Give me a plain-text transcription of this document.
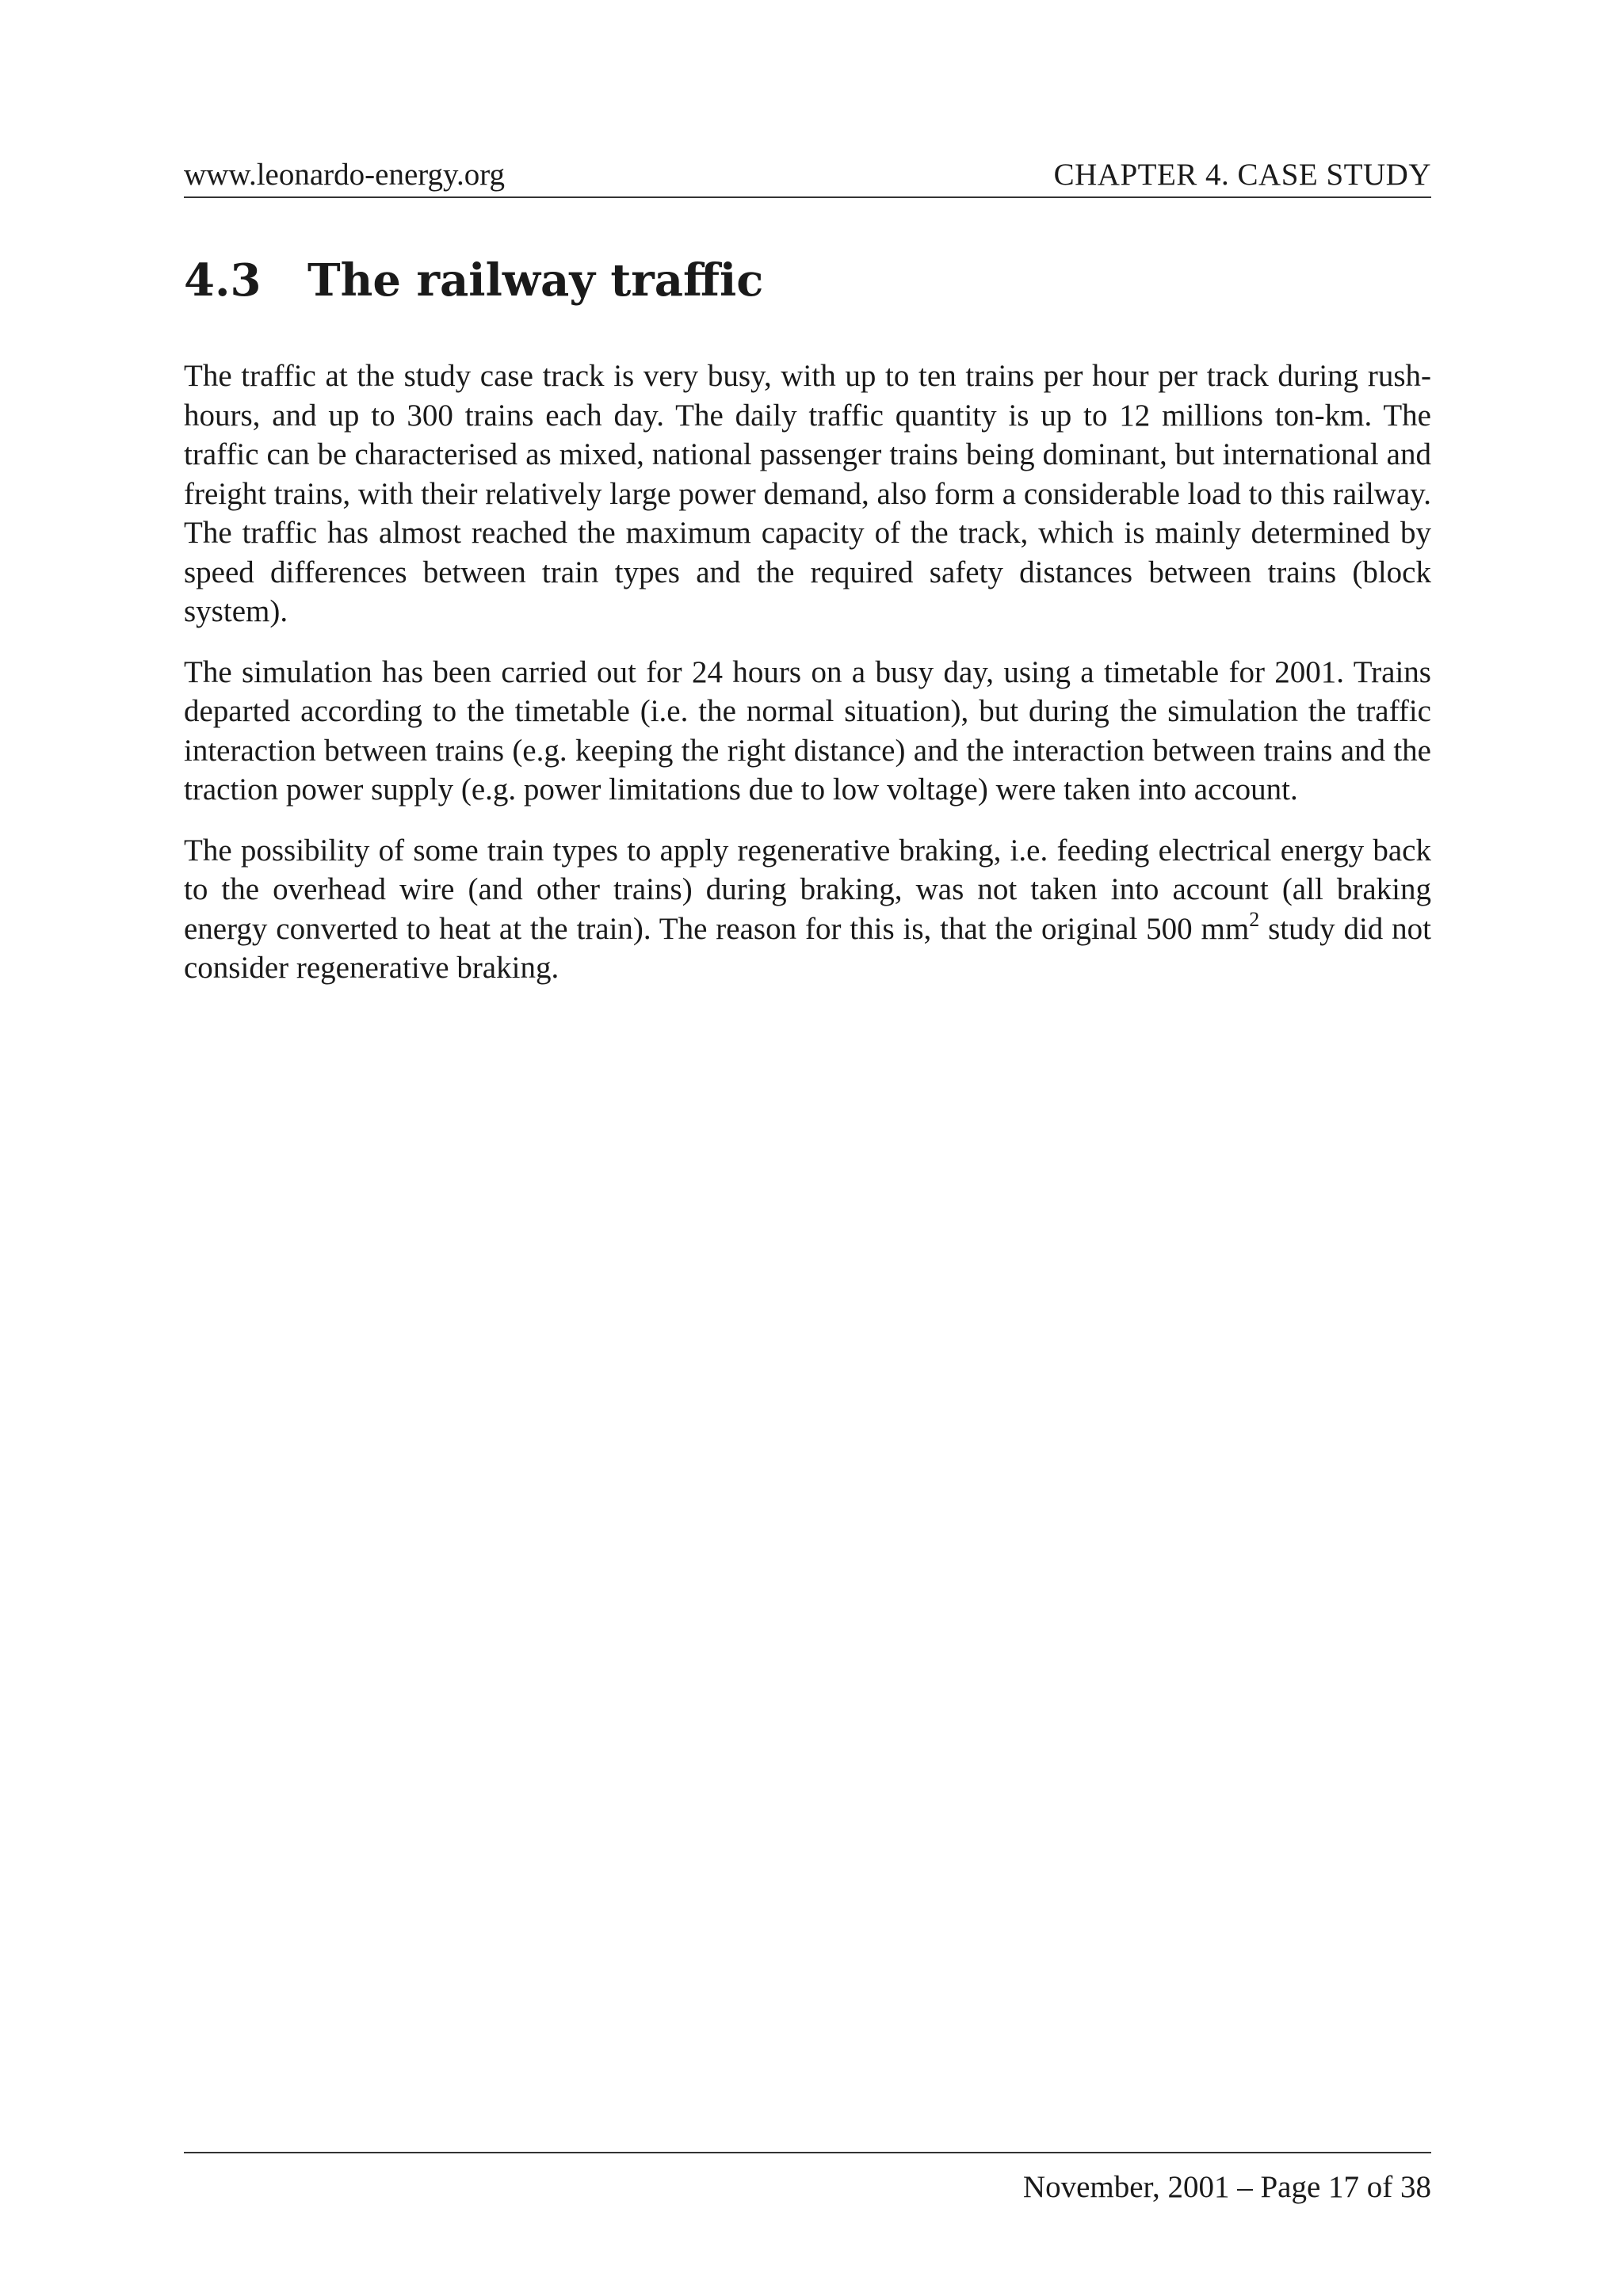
www.leonardo-energy.org	CHAPTER 4. CASE STUDY
4.3 The railway traffic

The traffic at the study case track is very busy, with up to ten trains per hour per track during rush-hours, and up to 300 trains each day. The daily traffic quantity is up to 12 millions ton-km. The traffic can be characterised as mixed, national passenger trains being dominant, but international and freight trains, with their relatively large power demand, also form a considerable load to this railway. The traffic has almost reached the maximum capacity of the track, which is mainly determined by speed differences between train types and the required safety distances between trains (block system).

The simulation has been carried out for 24 hours on a busy day, using a timetable for 2001. Trains departed according to the timetable (i.e. the normal situation), but during the simulation the traffic interaction between trains (e.g. keeping the right distance) and the interaction between trains and the traction power supply (e.g. power limitations due to low voltage) were taken into account.

The possibility of some train types to apply regenerative braking, i.e. feeding electrical energy back to the overhead wire (and other trains) during braking, was not taken into account (all braking energy converted to heat at the train). The reason for this is, that the original 500 $mm^2$ study did not consider regenerative braking.

November, 2001 – Page 17 of 38
